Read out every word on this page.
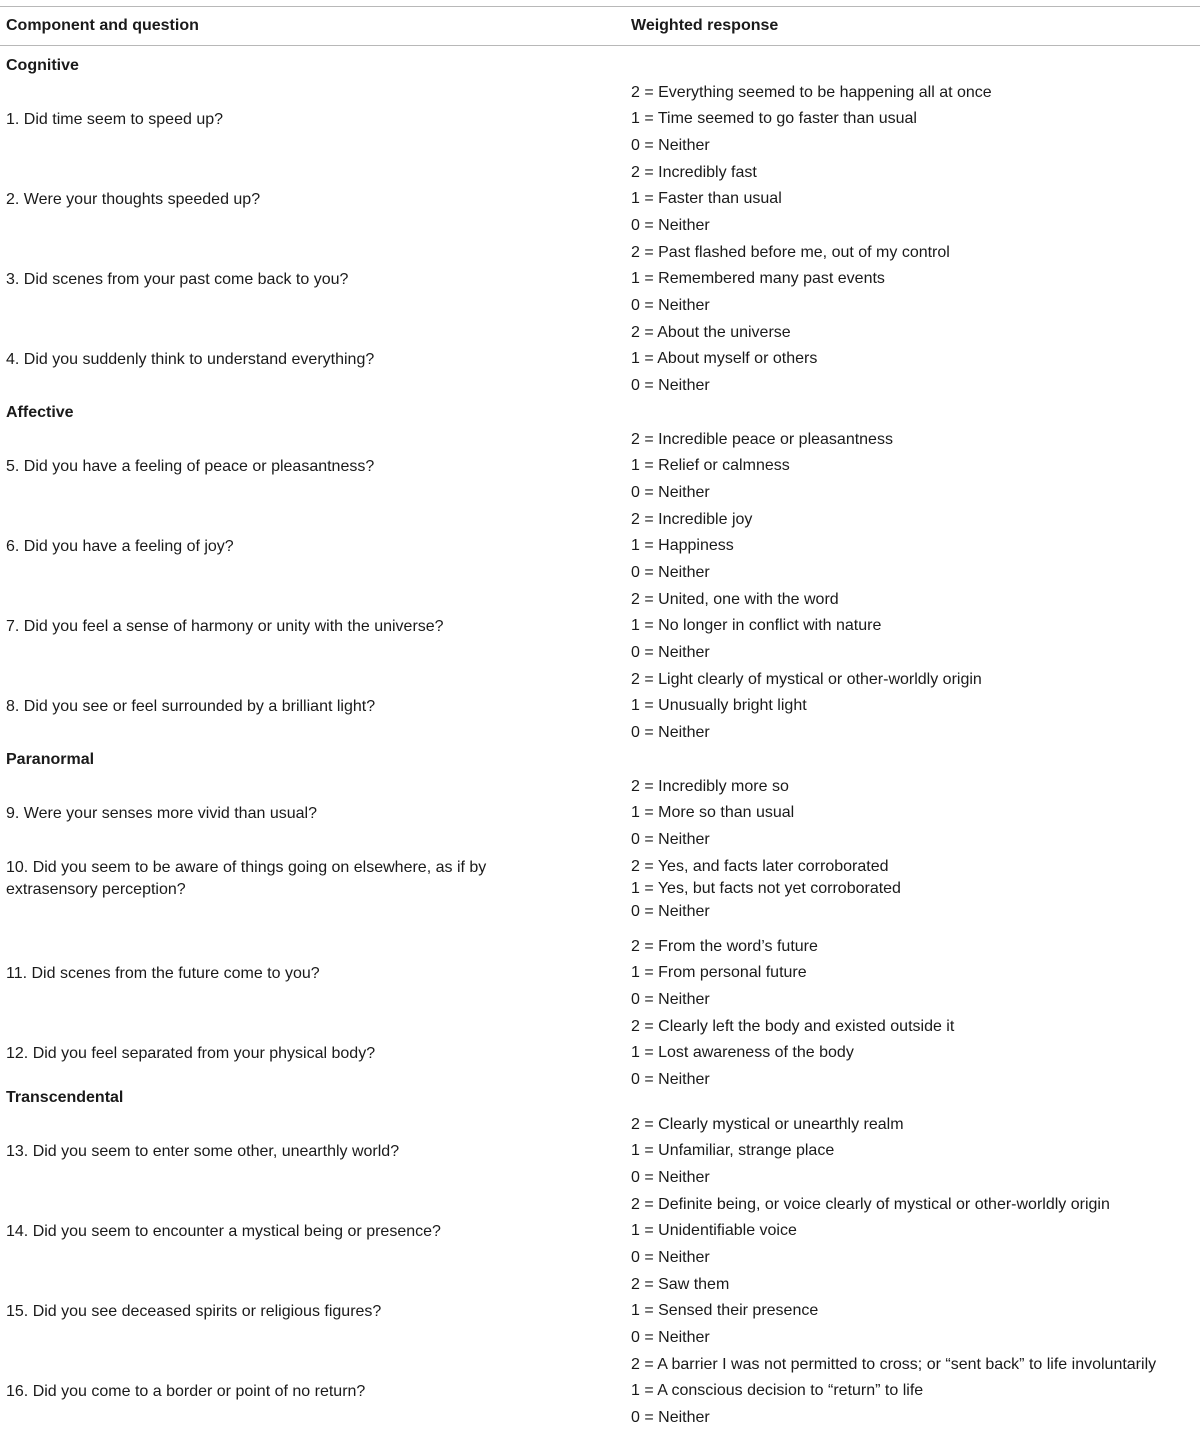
Component and question	Weighted response
Cognitive
1. Did time seem to speed up?
2 = Everything seemed to be happening all at once
1 = Time seemed to go faster than usual
0 = Neither
2. Were your thoughts speeded up?
2 = Incredibly fast
1 = Faster than usual
0 = Neither
3. Did scenes from your past come back to you?
2 = Past flashed before me, out of my control
1 = Remembered many past events
0 = Neither
4. Did you suddenly think to understand everything?
2 = About the universe
1 = About myself or others
0 = Neither
Affective
5. Did you have a feeling of peace or pleasantness?
2 = Incredible peace or pleasantness
1 = Relief or calmness
0 = Neither
6. Did you have a feeling of joy?
2 = Incredible joy
1 = Happiness
0 = Neither
7. Did you feel a sense of harmony or unity with the universe?
2 = United, one with the word
1 = No longer in conflict with nature
0 = Neither
8. Did you see or feel surrounded by a brilliant light?
2 = Light clearly of mystical or other-worldly origin
1 = Unusually bright light
0 = Neither
Paranormal
9. Were your senses more vivid than usual?
2 = Incredibly more so
1 = More so than usual
0 = Neither
10. Did you seem to be aware of things going on elsewhere, as if by extrasensory perception?
2 = Yes, and facts later corroborated
1 = Yes, but facts not yet corroborated
0 = Neither
11. Did scenes from the future come to you?
2 = From the word’s future
1 = From personal future
0 = Neither
12. Did you feel separated from your physical body?
2 = Clearly left the body and existed outside it
1 = Lost awareness of the body
0 = Neither
Transcendental
13. Did you seem to enter some other, unearthly world?
2 = Clearly mystical or unearthly realm
1 = Unfamiliar, strange place
0 = Neither
14. Did you seem to encounter a mystical being or presence?
2 = Definite being, or voice clearly of mystical or other-worldly origin
1 = Unidentifiable voice
0 = Neither
15. Did you see deceased spirits or religious figures?
2 = Saw them
1 = Sensed their presence
0 = Neither
16. Did you come to a border or point of no return?
2 = A barrier I was not permitted to cross; or “sent back” to life involuntarily
1 = A conscious decision to “return” to life
0 = Neither
